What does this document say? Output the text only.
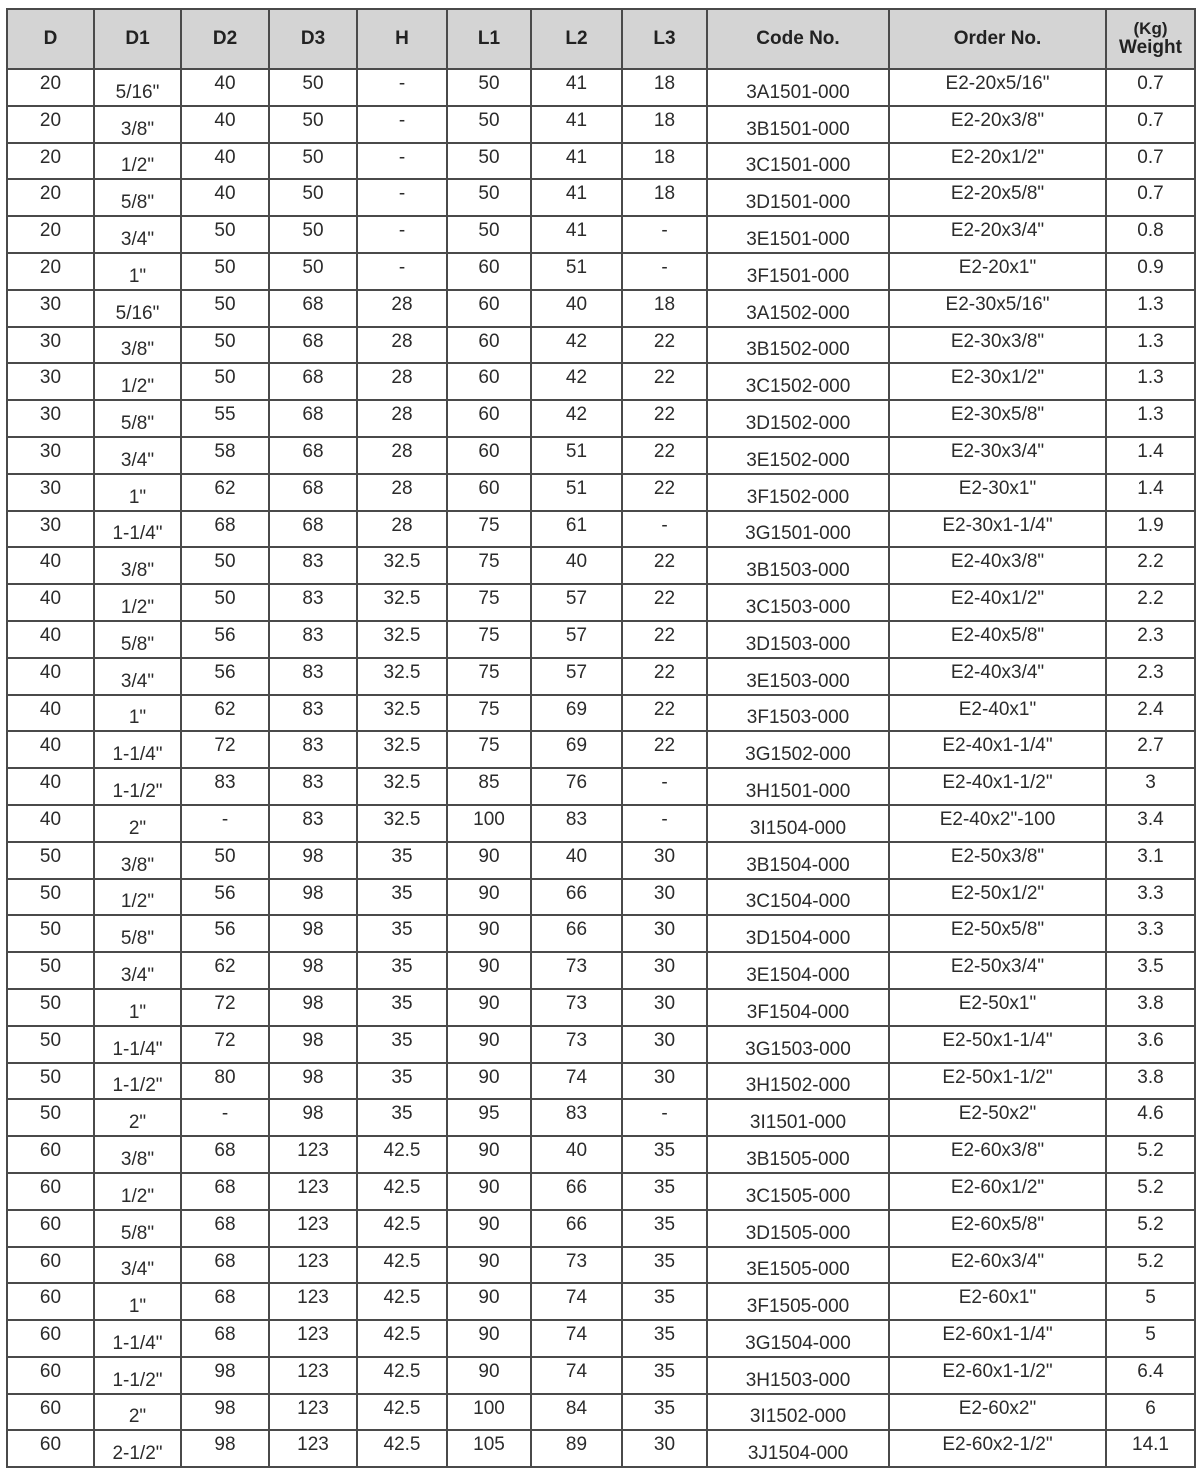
D	D1	D2	D3	H	L1	L2	L3	Code No.	Order No.	(Kg)
Weight

20	5/16"	40	50	-	50	41	18	3A1501-000	E2-20x5/16"	0.7
20	3/8"	40	50	-	50	41	18	3B1501-000	E2-20x3/8"	0.7
20	1/2"	40	50	-	50	41	18	3C1501-000	E2-20x1/2"	0.7
20	5/8"	40	50	-	50	41	18	3D1501-000	E2-20x5/8"	0.7
20	3/4"	50	50	-	50	41	-	3E1501-000	E2-20x3/4"	0.8
20	1"	50	50	-	60	51	-	3F1501-000	E2-20x1"	0.9
30	5/16"	50	68	28	60	40	18	3A1502-000	E2-30x5/16"	1.3
30	3/8"	50	68	28	60	42	22	3B1502-000	E2-30x3/8"	1.3
30	1/2"	50	68	28	60	42	22	3C1502-000	E2-30x1/2"	1.3
30	5/8"	55	68	28	60	42	22	3D1502-000	E2-30x5/8"	1.3
30	3/4"	58	68	28	60	51	22	3E1502-000	E2-30x3/4"	1.4
30	1"	62	68	28	60	51	22	3F1502-000	E2-30x1"	1.4
30	1-1/4"	68	68	28	75	61	-	3G1501-000	E2-30x1-1/4"	1.9
40	3/8"	50	83	32.5	75	40	22	3B1503-000	E2-40x3/8"	2.2
40	1/2"	50	83	32.5	75	57	22	3C1503-000	E2-40x1/2"	2.2
40	5/8"	56	83	32.5	75	57	22	3D1503-000	E2-40x5/8"	2.3
40	3/4"	56	83	32.5	75	57	22	3E1503-000	E2-40x3/4"	2.3
40	1"	62	83	32.5	75	69	22	3F1503-000	E2-40x1"	2.4
40	1-1/4"	72	83	32.5	75	69	22	3G1502-000	E2-40x1-1/4"	2.7
40	1-1/2"	83	83	32.5	85	76	-	3H1501-000	E2-40x1-1/2"	3
40	2"	-	83	32.5	100	83	-	3I1504-000	E2-40x2"-100	3.4
50	3/8"	50	98	35	90	40	30	3B1504-000	E2-50x3/8"	3.1
50	1/2"	56	98	35	90	66	30	3C1504-000	E2-50x1/2"	3.3
50	5/8"	56	98	35	90	66	30	3D1504-000	E2-50x5/8"	3.3
50	3/4"	62	98	35	90	73	30	3E1504-000	E2-50x3/4"	3.5
50	1"	72	98	35	90	73	30	3F1504-000	E2-50x1"	3.8
50	1-1/4"	72	98	35	90	73	30	3G1503-000	E2-50x1-1/4"	3.6
50	1-1/2"	80	98	35	90	74	30	3H1502-000	E2-50x1-1/2"	3.8
50	2"	-	98	35	95	83	-	3I1501-000	E2-50x2"	4.6
60	3/8"	68	123	42.5	90	40	35	3B1505-000	E2-60x3/8"	5.2
60	1/2"	68	123	42.5	90	66	35	3C1505-000	E2-60x1/2"	5.2
60	5/8"	68	123	42.5	90	66	35	3D1505-000	E2-60x5/8"	5.2
60	3/4"	68	123	42.5	90	73	35	3E1505-000	E2-60x3/4"	5.2
60	1"	68	123	42.5	90	74	35	3F1505-000	E2-60x1"	5
60	1-1/4"	68	123	42.5	90	74	35	3G1504-000	E2-60x1-1/4"	5
60	1-1/2"	98	123	42.5	90	74	35	3H1503-000	E2-60x1-1/2"	6.4
60	2"	98	123	42.5	100	84	35	3I1502-000	E2-60x2"	6
60	2-1/2"	98	123	42.5	105	89	30	3J1504-000	E2-60x2-1/2"	14.1
